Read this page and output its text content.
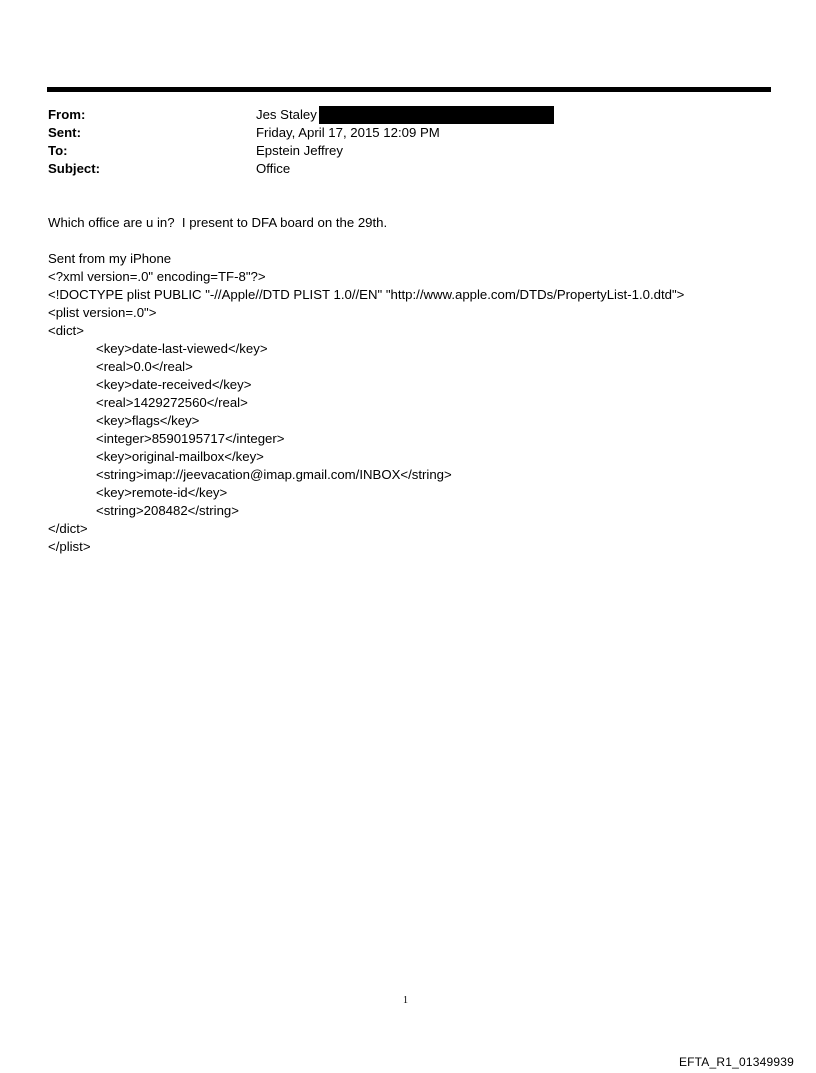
From:	Jes Staley
Sent:	Friday, April 17, 2015 12:09 PM
To:	Epstein Jeffrey
Subject:	Office

Which office are u in?  I present to DFA board on the 29th.

Sent from my iPhone

<?xml version=.0" encoding=TF-8"?>

<!DOCTYPE plist PUBLIC "-//Apple//DTD PLIST 1.0//EN" "http://www.apple.com/DTDs/PropertyList-1.0.dtd">

<plist version=.0">

<dict>

<key>date-last-viewed</key>

<real>0.0</real>

<key>date-received</key>

<real>1429272560</real>

<key>flags</key>

<integer>8590195717</integer>

<key>original-mailbox</key>

<string>imap://jeevacation@imap.gmail.com/INBOX</string>

<key>remote-id</key>

<string>208482</string>

</dict>

</plist>

1
EFTA_R1_01349939
